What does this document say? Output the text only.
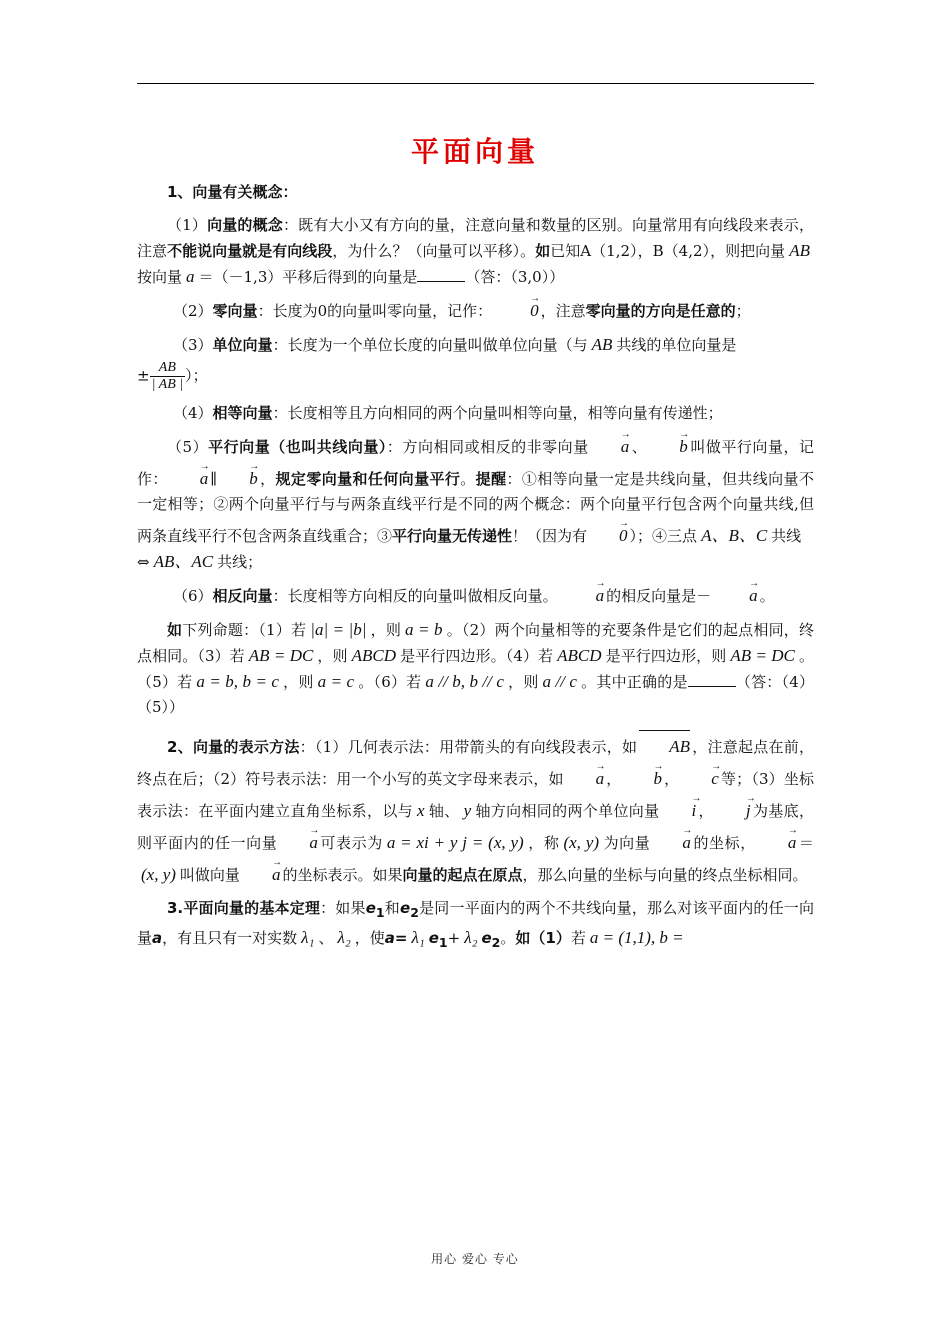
平面向量

1、向量有关概念：

（1）向量的概念：既有大小又有方向的量，注意向量和数量的区别。向量常用有向线段来表示，注意不能说向量就是有向线段，为什么？（向量可以平移）。如已知A（1,2），B（4,2），则把向量 AB按向量 a ＝（－1,3）平移后得到的向量是	（答：（3,0））

（2）零向量：长度为0的向量叫零向量，记作： → 0 ，注意零向量的方向是任意的；

（3）单位向量：长度为一个单位长度的向量叫做单位向量（与 AB 共线的单位向量是

± $\frac{AB}{| AB |}$ ）；

（4）相等向量：长度相等且方向相同的两个向量叫相等向量，相等向量有传递性；

（5）平行向量（也叫共线向量）：方向相同或相反的非零向量 → a 、 → b 叫做平行向量，记作： → a ∥ → b ，规定零向量和任何向量平行。提醒：①相等向量一定是共线向量，但共线向量不一定相等；②两个向量平行与与两条直线平行是不同的两个概念：两个向量平行包含两个向量共线,但两条直线平行不包含两条直线重合；③平行向量无传递性！（因为有 → 0 ）；④三点 A、B、C 共线
⇔ AB、AC 共线；

（6）相反向量：长度相等方向相反的向量叫做相反向量。 → a 的相反向量是－ → a 。

如下列命题：（1）若 |a| = |b| ，则 a = b 。（2）两个向量相等的充要条件是它们的起点相同，终点相同。（3）若 AB = DC ，则 ABCD 是平行四边形。（4）若 ABCD 是平行四边形，则 AB = DC 。（5）若 a = b, b = c ，则 a = c 。（6）若 a // b, b // c ，则 a // c 。其中正确的是	（答：（4）（5））

2、向量的表示方法：（1）几何表示法：用带箭头的有向线段表示，如 AB ，注意起点在前，终点在后；（2）符号表示法：用一个小写的英文字母来表示，如 → a ， → b ， → c 等；（3）坐标表示法：在平面内建立直角坐标系，以与 x 轴、 y 轴方向相同的两个单位向量 → i ， → j 为基底，则平面内的任一向量 → a 可表示为 a = xi + y j = (x, y) ，称 (x, y) 为向量 → a 的坐标， → a ＝(x, y) 叫做向量 → a 的坐标表示。如果向量的起点在原点，那么向量的坐标与向量的终点坐标相同。

3.平面向量的基本定理：如果$e_1$和$e_2$是同一平面内的两个不共线向量，那么对该平面内的任一向量a，有且只有一对实数 λ₁ 、 λ₂ ，使a= λ₁ $e_1+ \lambda_2$ $e_2$。如（1）若 a = (1,1), b =

用心 爱心 专心
